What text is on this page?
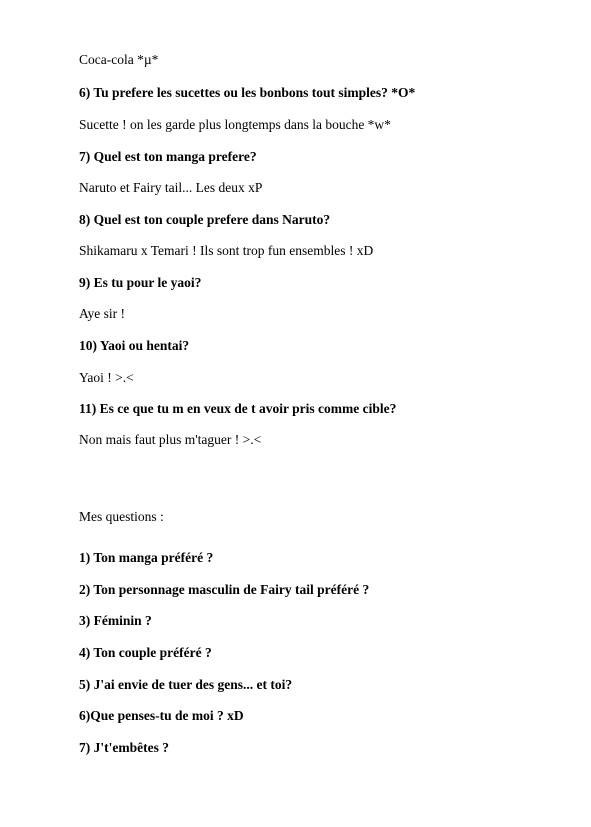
Coca-cola *µ*

6) Tu prefere les sucettes ou les bonbons tout simples? *O*

Sucette ! on les garde plus longtemps dans la bouche *w*

7) Quel est ton manga prefere?

Naruto et Fairy tail... Les deux xP

8) Quel est ton couple prefere dans Naruto?

Shikamaru x Temari ! Ils sont trop fun ensembles ! xD

9) Es tu pour le yaoi?

Aye sir !

10) Yaoi ou hentai?

Yaoi ! >.<

11) Es ce que tu m en veux de t avoir pris comme cible?

Non mais faut plus m'taguer ! >.<

Mes questions :

1) Ton manga préféré ?

2) Ton personnage masculin de Fairy tail préféré ?

3) Féminin ?

4) Ton couple préféré ?

5) J'ai envie de tuer des gens... et toi?

6)Que penses-tu de moi ? xD

7) J't'embêtes ?
